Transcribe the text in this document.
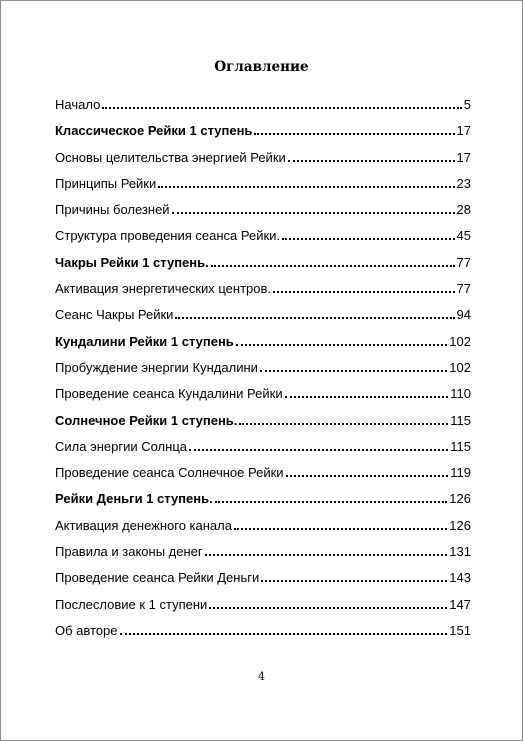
Оглавление
Начало	5
Классическое Рейки 1 ступень	17
Основы целительства энергией Рейки	17
Принципы Рейки	23
Причины болезней	28
Структура проведения сеанса Рейки.	45
Чакры Рейки 1 ступень.	77
Активация энергетических центров.	77
Сеанс Чакры Рейки	94
Кундалини Рейки 1 ступень	102
Пробуждение энергии Кундалини	102
Проведение сеанса Кундалини Рейки	110
Солнечное Рейки 1 ступень.	115
Сила энергии Солнца	115
Проведение сеанса Солнечное Рейки	119
Рейки Деньги 1 ступень.	126
Активация денежного канала	126
Правила и законы денег	131
Проведение сеанса Рейки Деньги	143
Послесловие к 1 ступени	147
Об авторе	151
4
